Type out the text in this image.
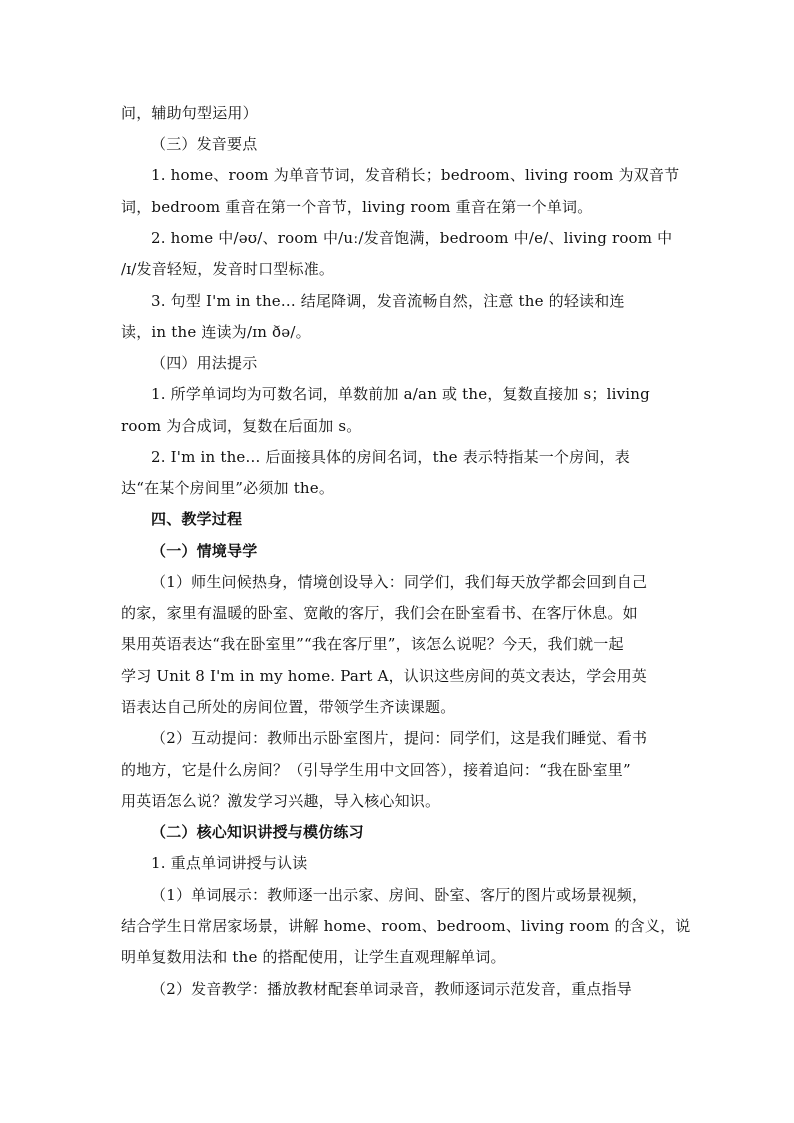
问，辅助句型运用）
（三）发音要点
1. home、room 为单音节词，发音稍长；bedroom、living room 为双音节
词，bedroom 重音在第一个音节，living room 重音在第一个单词。
2. home 中/əʊ/、room 中/uː/发音饱满，bedroom 中/e/、living room 中
/ɪ/发音轻短，发音时口型标准。
3. 句型 I'm in the... 结尾降调，发音流畅自然，注意 the 的轻读和连
读，in the 连读为/ɪn ðə/。
（四）用法提示
1. 所学单词均为可数名词，单数前加 a/an 或 the，复数直接加 s；living
room 为合成词，复数在后面加 s。
2. I'm in the... 后面接具体的房间名词，the 表示特指某一个房间，表
达“在某个房间里”必须加 the。
四、教学过程
（一）情境导学
（1）师生问候热身，情境创设导入：同学们，我们每天放学都会回到自己
的家，家里有温暖的卧室、宽敞的客厅，我们会在卧室看书、在客厅休息。如
果用英语表达“我在卧室里”“我在客厅里”，该怎么说呢？今天，我们就一起
学习 Unit 8 I'm in my home. Part A，认识这些房间的英文表达，学会用英
语表达自己所处的房间位置，带领学生齐读课题。
（2）互动提问：教师出示卧室图片，提问：同学们，这是我们睡觉、看书
的地方，它是什么房间？（引导学生用中文回答），接着追问：“我在卧室里”
用英语怎么说？激发学习兴趣，导入核心知识。
（二）核心知识讲授与模仿练习
1. 重点单词讲授与认读
（1）单词展示：教师逐一出示家、房间、卧室、客厅的图片或场景视频，
结合学生日常居家场景，讲解 home、room、bedroom、living room 的含义，说
明单复数用法和 the 的搭配使用，让学生直观理解单词。
（2）发音教学：播放教材配套单词录音，教师逐词示范发音，重点指导
